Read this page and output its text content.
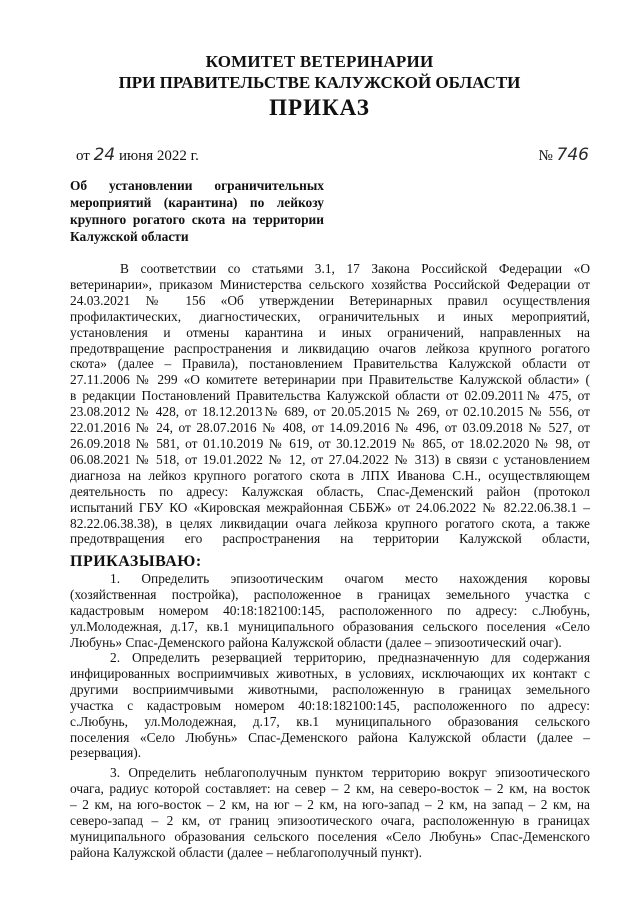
КОМИТЕТ ВЕТЕРИНАРИИ
ПРИ ПРАВИТЕЛЬСТВЕ КАЛУЖСКОЙ ОБЛАСТИ
ПРИКАЗ
от 24 июня 2022 г.	№ 746
Об установлении ограничительных
мероприятий (карантина) по лейкозу
крупного рогатого скота на территории
Калужской области
В соответствии со статьями 3.1, 17 Закона Российской Федерации «О
ветеринарии», приказом Министерства сельского хозяйства Российской Федерации от
24.03.2021 № 156 «Об утверждении Ветеринарных правил осуществления
профилактических, диагностических, ограничительных и иных мероприятий,
установления и отмены карантина и иных ограничений, направленных на
предотвращение распространения и ликвидацию очагов лейкоза крупного рогатого
скота» (далее – Правила), постановлением Правительства Калужской области от
27.11.2006 № 299 «О комитете ветеринарии при Правительстве Калужской области» (
в редакции Постановлений Правительства Калужской области от 02.09.2011№ 475, от
23.08.2012 № 428, от 18.12.2013№ 689, от 20.05.2015 № 269, от 02.10.2015 № 556, от
22.01.2016 № 24, от 28.07.2016 № 408, от 14.09.2016 № 496, от 03.09.2018 № 527, от
26.09.2018 № 581, от 01.10.2019 № 619, от 30.12.2019 № 865, от 18.02.2020 № 98, от
06.08.2021 № 518, от 19.01.2022 № 12, от 27.04.2022 № 313) в связи с установлением
диагноза на лейкоз крупного рогатого скота в ЛПХ Иванова С.Н., осуществляющем
деятельность по адресу: Калужская область, Спас-Деменский район (протокол
испытаний ГБУ КО «Кировская межрайонная СББЖ» от 24.06.2022 № 82.22.06.38.1 –
82.22.06.38.38), в целях ликвидации очага лейкоза крупного рогатого скота, а также
предотвращения его распространения на территории Калужской области,
ПРИКАЗЫВАЮ:
1. Определить эпизоотическим очагом место нахождения коровы
(хозяйственная постройка), расположенное в границах земельного участка с
кадастровым номером 40:18:182100:145, расположенного по адресу: с.Любунь,
ул.Молодежная, д.17, кв.1 муниципального образования сельского поселения «Село
Любунь» Спас-Деменского района Калужской области (далее – эпизоотический очаг).
2. Определить резервацией территорию, предназначенную для содержания
инфицированных восприимчивых животных, в условиях, исключающих их контакт с
другими восприимчивыми животными, расположенную в границах земельного
участка с кадастровым номером 40:18:182100:145, расположенного по адресу:
с.Любунь, ул.Молодежная, д.17, кв.1 муниципального образования сельского
поселения «Село Любунь» Спас-Деменского района Калужской области (далее –
резервация).
3. Определить неблагополучным пунктом территорию вокруг эпизоотического
очага, радиус которой составляет: на север – 2 км, на северо-восток – 2 км, на восток
– 2 км, на юго-восток – 2 км, на юг – 2 км, на юго-запад – 2 км, на запад – 2 км, на
северо-запад – 2 км, от границ эпизоотического очага, расположенную в границах
муниципального образования сельского поселения «Село Любунь» Спас-Деменского
района Калужской области (далее – неблагополучный пункт).
